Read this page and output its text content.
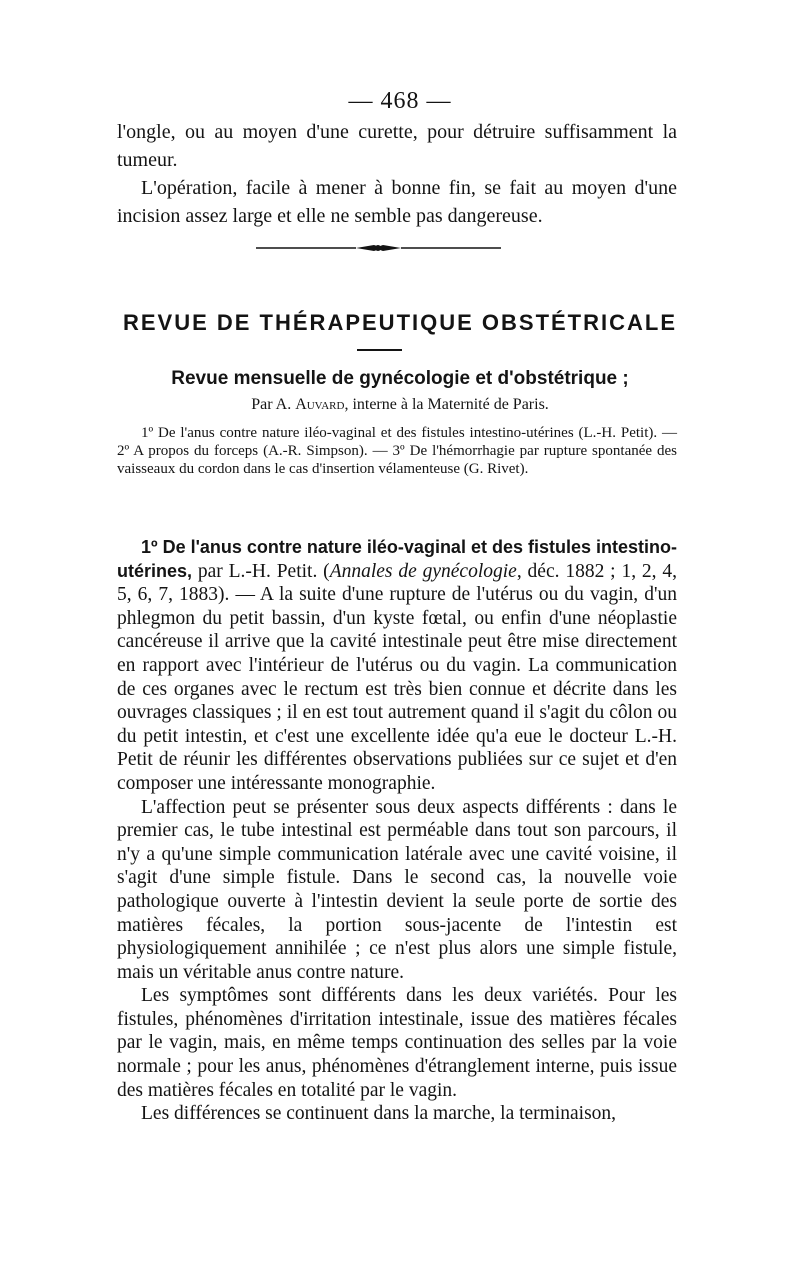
— 468 —

l'ongle, ou au moyen d'une curette, pour détruire suffisamment la tumeur.

L'opération, facile à mener à bonne fin, se fait au moyen d'une incision assez large et elle ne semble pas dangereuse.

REVUE DE THÉRAPEUTIQUE OBSTÉTRICALE
Revue mensuelle de gynécologie et d'obstétrique ;
Par A. Auvard, interne à la Maternité de Paris.

1º De l'anus contre nature iléo-vaginal et des fistules intestino-utérines (L.-H. Petit). — 2º A propos du forceps (A.-R. Simpson). — 3º De l'hémorrhagie par rupture spontanée des vaisseaux du cordon dans le cas d'insertion vélamenteuse (G. Rivet).

1º De l'anus contre nature iléo-vaginal et des fistules intestino-utérines, par L.-H. Petit. (Annales de gynécologie, déc. 1882 ; 1, 2, 4, 5, 6, 7, 1883). — A la suite d'une rupture de l'utérus ou du vagin, d'un phlegmon du petit bassin, d'un kyste fœtal, ou enfin d'une néoplastie cancéreuse il arrive que la cavité intestinale peut être mise directement en rapport avec l'intérieur de l'utérus ou du vagin. La communication de ces organes avec le rectum est très bien connue et décrite dans les ouvrages classiques ; il en est tout autrement quand il s'agit du côlon ou du petit intestin, et c'est une excellente idée qu'a eue le docteur L.-H. Petit de réunir les différentes observations publiées sur ce sujet et d'en composer une intéressante monographie.

L'affection peut se présenter sous deux aspects différents : dans le premier cas, le tube intestinal est perméable dans tout son parcours, il n'y a qu'une simple communication latérale avec une cavité voisine, il s'agit d'une simple fistule. Dans le second cas, la nouvelle voie pathologique ouverte à l'intestin devient la seule porte de sortie des matières fécales, la portion sous-jacente de l'intestin est physiologiquement annihilée ; ce n'est plus alors une simple fistule, mais un véritable anus contre nature.

Les symptômes sont différents dans les deux variétés. Pour les fistules, phénomènes d'irritation intestinale, issue des matières fécales par le vagin, mais, en même temps continuation des selles par la voie normale ; pour les anus, phénomènes d'étranglement interne, puis issue des matières fécales en totalité par le vagin.

Les différences se continuent dans la marche, la terminaison,
